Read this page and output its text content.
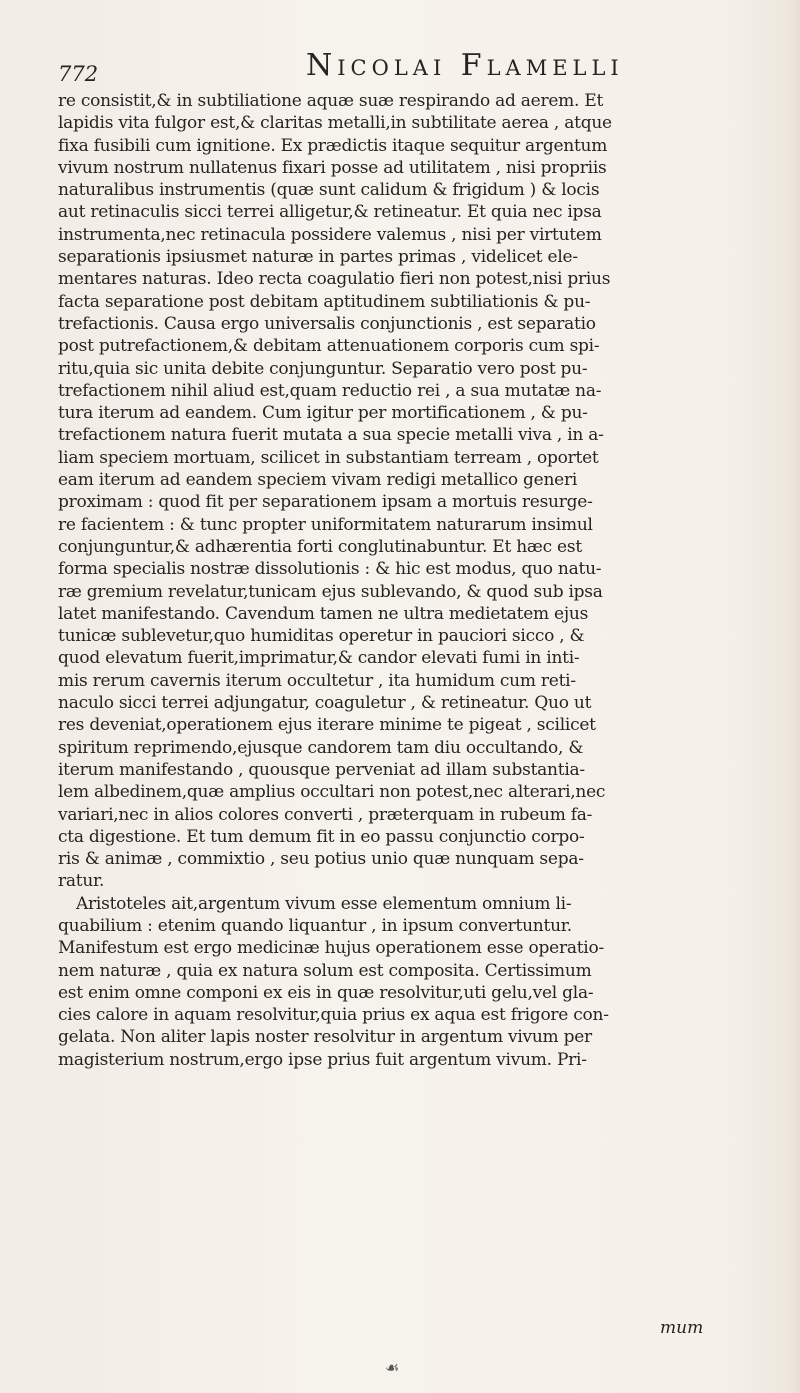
772	Nicolai Flamelli
re consistit,& in subtiliatione aquæ suæ respirando ad aerem. Et
lapidis vita fulgor est,& claritas metalli,in subtilitate aerea , atque
fixa fusibili cum ignitione. Ex prædictis itaque sequitur argentum
vivum nostrum nullatenus fixari posse ad utilitatem , nisi propriis
naturalibus instrumentis (quæ sunt calidum & frigidum ) & locis
aut retinaculis sicci terrei alligetur,& retineatur. Et quia nec ipsa
instrumenta,nec retinacula possidere valemus , nisi per virtutem
separationis ipsiusmet naturæ in partes primas , videlicet ele-
mentares naturas. Ideo recta coagulatio fieri non potest,nisi prius
facta separatione post debitam aptitudinem subtiliationis & pu-
trefactionis. Causa ergo universalis conjunctionis , est separatio
post putrefactionem,& debitam attenuationem corporis cum spi-
ritu,quia sic unita debite conjunguntur. Separatio vero post pu-
trefactionem nihil aliud est,quam reductio rei , a sua mutatæ na-
tura iterum ad eandem. Cum igitur per mortificationem , & pu-
trefactionem natura fuerit mutata a sua specie metalli viva , in a-
liam speciem mortuam, scilicet in substantiam terream , oportet
eam iterum ad eandem speciem vivam redigi metallico generi
proximam : quod fit per separationem ipsam a mortuis resurge-
re facientem : & tunc propter uniformitatem naturarum insimul
conjunguntur,& adhærentia forti conglutinabuntur. Et hæc est
forma specialis nostræ dissolutionis : & hic est modus, quo natu-
ræ gremium revelatur,tunicam ejus sublevando, & quod sub ipsa
latet manifestando. Cavendum tamen ne ultra medietatem ejus
tunicæ sublevetur,quo humiditas operetur in pauciori sicco , &
quod elevatum fuerit,imprimatur,& candor elevati fumi in inti-
mis rerum cavernis iterum occultetur , ita humidum cum reti-
naculo sicci terrei adjungatur, coaguletur , & retineatur. Quo ut
res deveniat,operationem ejus iterare minime te pigeat , scilicet
spiritum reprimendo,ejusque candorem tam diu occultando, &
iterum manifestando , quousque perveniat ad illam substantia-
lem albedinem,quæ amplius occultari non potest,nec alterari,nec
variari,nec in alios colores converti , præterquam in rubeum fa-
cta digestione. Et tum demum fit in eo passu conjunctio corpo-
ris & animæ , commixtio , seu potius unio quæ nunquam sepa-
ratur.
Aristoteles ait,argentum vivum esse elementum omnium li-
quabilium : etenim quando liquantur , in ipsum convertuntur.
Manifestum est ergo medicinæ hujus operationem esse operatio-
nem naturæ , quia ex natura solum est composita. Certissimum
est enim omne componi ex eis in quæ resolvitur,uti gelu,vel gla-
cies calore in aquam resolvitur,quia prius ex aqua est frigore con-
gelata. Non aliter lapis noster resolvitur in argentum vivum per
magisterium nostrum,ergo ipse prius fuit argentum vivum. Pri-
mum
☙
